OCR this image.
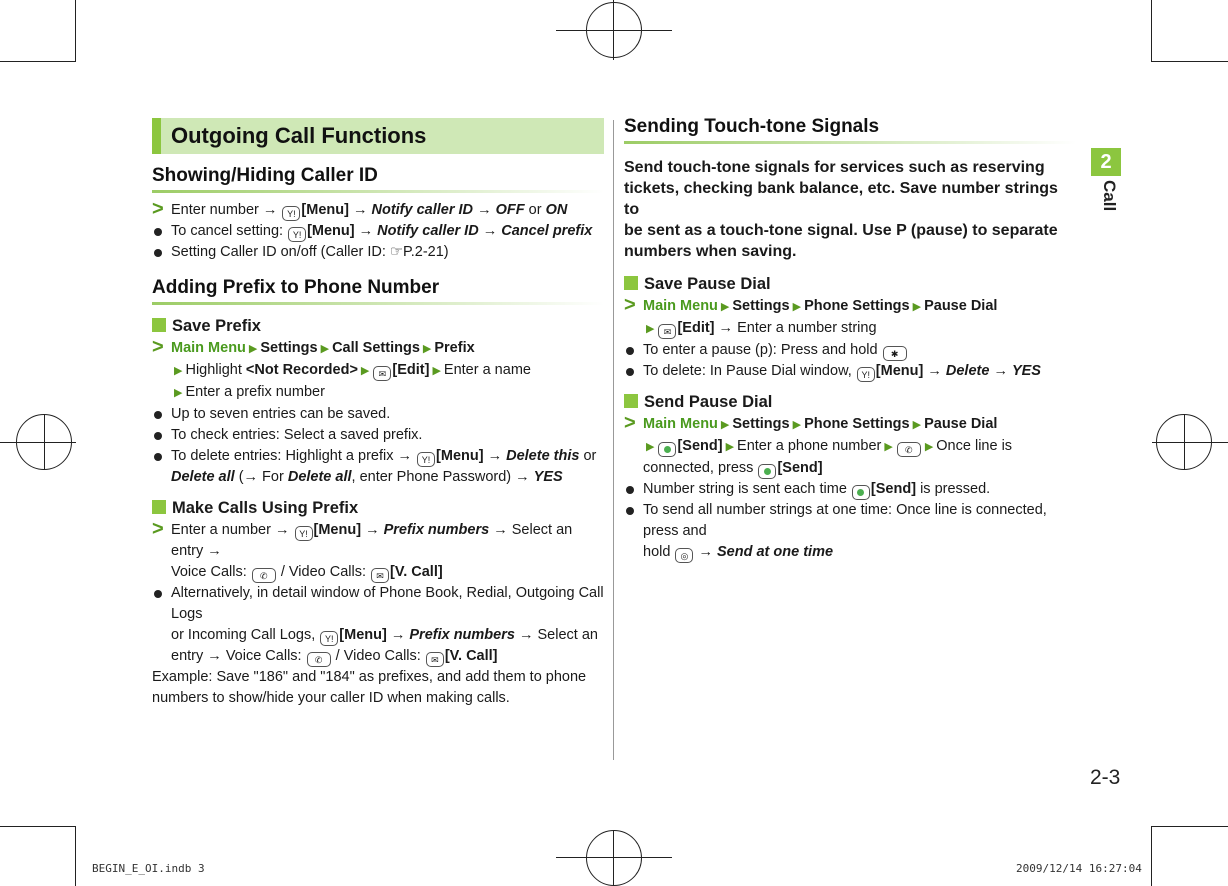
Outgoing Call Functions
Showing/Hiding Caller ID
> Enter number → Y! [Menu] → Notify caller ID → OFF or ON
To cancel setting: Y! [Menu] → Notify caller ID → Cancel prefix
Setting Caller ID on/off (Caller ID: ☞P.2-21)
Adding Prefix to Phone Number
Save Prefix
> Main Menu ▶ Settings ▶ Call Settings ▶ Prefix
▶ Highlight <Not Recorded> ▶ ✉ [Edit] ▶ Enter a name
▶ Enter a prefix number
Up to seven entries can be saved.
To check entries: Select a saved prefix.
To delete entries: Highlight a prefix → Y! [Menu] → Delete this or
Delete all (→ For Delete all, enter Phone Password) → YES
Make Calls Using Prefix
> Enter a number → Y! [Menu] → Prefix numbers → Select an entry →
Voice Calls: ✆ / Video Calls: ✉ [V. Call]
Alternatively, in detail window of Phone Book, Redial, Outgoing Call Logs
or Incoming Call Logs, Y! [Menu] → Prefix numbers → Select an
entry → Voice Calls: ✆ / Video Calls: ✉ [V. Call]
Example: Save "186" and "184" as prefixes, and add them to phone
numbers to show/hide your caller ID when making calls.
Sending Touch-tone Signals
Send touch-tone signals for services such as reserving
tickets, checking bank balance, etc. Save number strings to
be sent as a touch-tone signal. Use P (pause) to separate
numbers when saving.
Save Pause Dial
> Main Menu ▶ Settings ▶ Phone Settings ▶ Pause Dial
▶ ✉ [Edit] → Enter a number string
To enter a pause (p): Press and hold ✱
To delete: In Pause Dial window, Y! [Menu] → Delete → YES
Send Pause Dial
> Main Menu ▶ Settings ▶ Phone Settings ▶ Pause Dial
▶ [Send] ▶ Enter a phone number ▶ ✆ ▶ Once line is
connected, press [Send]
Number string is sent each time [Send] is pressed.
To send all number strings at one time: Once line is connected, press and
hold ◎ → Send at one time
2
Call
2-3
BEGIN_E_OI.indb 3	2009/12/14 16:27:04
